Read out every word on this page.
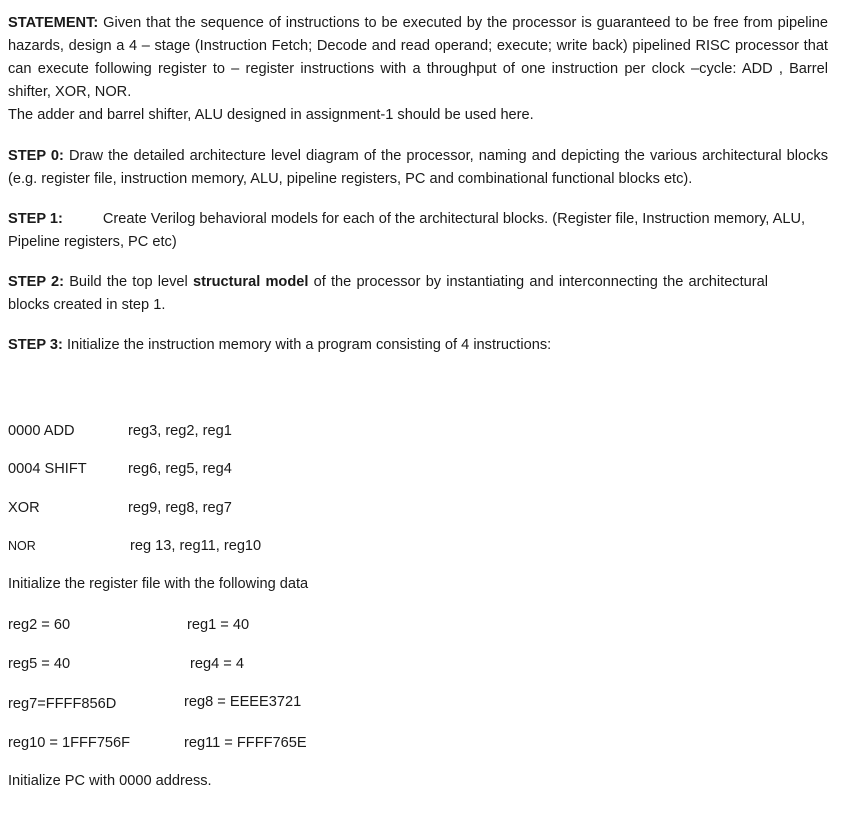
STATEMENT: Given that the sequence of instructions to be executed by the processor is guaranteed to be free from pipeline hazards, design a 4 – stage (Instruction Fetch; Decode and read operand; execute; write back) pipelined RISC processor that can execute following register to – register instructions with a throughput of one instruction per clock –cycle: ADD , Barrel shifter, XOR, NOR.

The adder and barrel shifter, ALU designed in assignment-1 should be used here.

STEP 0: Draw the detailed architecture level diagram of the processor, naming and depicting the various architectural blocks (e.g. register file, instruction memory, ALU, pipeline registers, PC and combinational functional blocks etc).

STEP 1:	Create Verilog behavioral models for each of the architectural blocks. (Register file, Instruction memory, ALU, Pipeline registers, PC etc)

STEP 2: Build the top level structural model of the processor by instantiating and interconnecting the architectural blocks created in step 1.

STEP 3: Initialize the instruction memory with a program consisting of 4 instructions:

0000 ADD	reg3, reg2, reg1
0004 SHIFT	reg6, reg5, reg4
XOR	reg9, reg8, reg7
NOR	reg 13, reg11, reg10
Initialize the register file with the following data
reg2 = 60	reg1 = 40
reg5 = 40	reg4 = 4
reg7=FFFF856D	reg8 = EEEE3721
reg10 = 1FFF756F	reg11 = FFFF765E
Initialize PC with 0000 address.
